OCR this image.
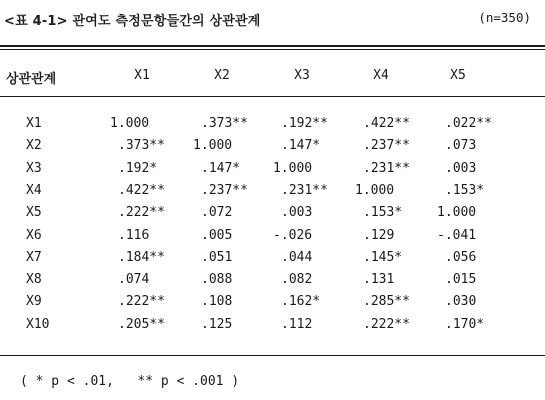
<표 4-1> 관여도 측정문항들간의 상관관계	(n=350)
상관관계	X1	X2	X3	X4	X5
X1	1.000	.373**	.192**	.422**	.022**
X2	.373** 1.000	.147*	.237**	.073
X3	.192*	.147*	1.000	.231**	.003
X4	.422**	.237**	.231** 1.000	.153*
X5	.222**	.072	.003	.153*	1.000
X6	.116	.005	-.026	.129	-.041
X7	.184**	.051	.044	.145*	.056
X8	.074	.088	.082	.131	.015
X9	.222**	.108	.162*	.285**	.030
X10	.205**	.125	.112	.222**	.170*
( * p < .01,   ** p < .001 )
